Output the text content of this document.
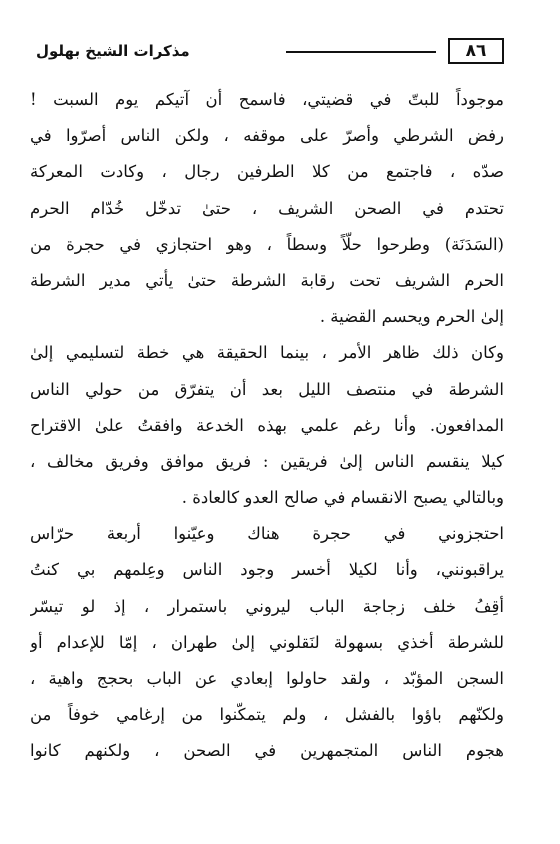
٨٦
مذكرات الشيخ بهلول
موجوداً للبتّ في قضيتي، فاسمح أن آتيكم يوم السبت !
رفض الشرطي وأصرّ على موقفه ، ولكن الناس أصرّوا في
صدّه ، فاجتمع من كلا الطرفين رجال ، وكادت المعركة
تحتدم في الصحن الشريف ، حتىٰ تدخّل خُدّام الحرم
(السَدَنَة) وطرحوا حلّاً وسطاً ، وهو احتجازي في حجرة من
الحرم الشريف تحت رقابة الشرطة حتىٰ يأتي مدير الشرطة
إلىٰ الحرم ويحسم القضية .
وكان ذلك ظاهر الأمر ، بينما الحقيقة هي خطة لتسليمي إلىٰ
الشرطة في منتصف الليل بعد أن يتفرّق من حولي الناس
المدافعون. وأنا رغم علمي بهذه الخدعة وافقتُ علىٰ الاقتراح
كيلا ينقسم الناس إلىٰ فريقين : فريق موافق وفريق مخالف ،
وبالتالي يصبح الانقسام في صالح العدو كالعادة .
احتجزوني في حجرة هناك وعيّنوا أربعة حرّاس
يراقبونني، وأنا لكيلا أخسر وجود الناس وعِلمهم بي كنتُ
أقِفُ خلف زجاجة الباب ليروني باستمرار ، إذ لو تيسّر
للشرطة أخذي بسهولة لنَقلوني إلىٰ طهران ، إمّا للإعدام أو
السجن المؤبّد ، ولقد حاولوا إبعادي عن الباب بحجج واهية ،
ولكنّهم باؤوا بالفشل ، ولم يتمكّنوا من إرغامي خوفاً من
هجوم الناس المتجمهرين في الصحن ، ولكنهم كانوا
